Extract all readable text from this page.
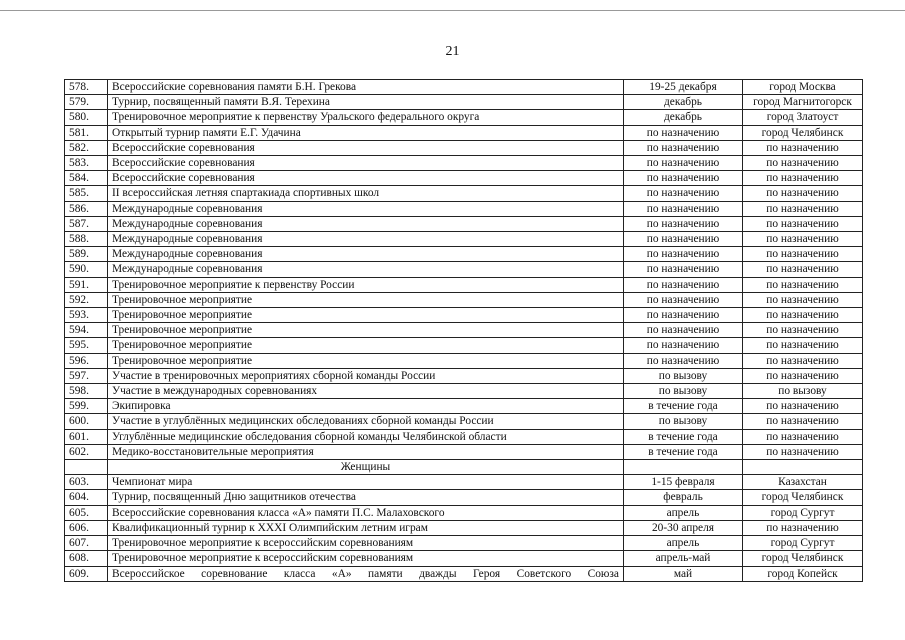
21
578.	Всероссийские соревнования памяти Б.Н. Грекова	19-25 декабря	город Москва
579.	Турнир, посвященный памяти В.Я. Терехина	декабрь	город Магнитогорск
580.	Тренировочное мероприятие к первенству Уральского федерального округа	декабрь	город Златоуст
581.	Открытый турнир памяти Е.Г. Удачина	по назначению	город Челябинск
582.	Всероссийские соревнования	по назначению	по назначению
583.	Всероссийские соревнования	по назначению	по назначению
584.	Всероссийские соревнования	по назначению	по назначению
585.	II всероссийская летняя спартакиада спортивных школ	по назначению	по назначению
586.	Международные соревнования	по назначению	по назначению
587.	Международные соревнования	по назначению	по назначению
588.	Международные соревнования	по назначению	по назначению
589.	Международные соревнования	по назначению	по назначению
590.	Международные соревнования	по назначению	по назначению
591.	Тренировочное мероприятие к первенству России	по назначению	по назначению
592.	Тренировочное мероприятие	по назначению	по назначению
593.	Тренировочное мероприятие	по назначению	по назначению
594.	Тренировочное мероприятие	по назначению	по назначению
595.	Тренировочное мероприятие	по назначению	по назначению
596.	Тренировочное мероприятие	по назначению	по назначению
597.	Участие в тренировочных мероприятиях сборной команды России	по вызову	по назначению
598.	Участие в международных соревнованиях	по вызову	по вызову
599.	Экипировка	в течение года	по назначению
600.	Участие в углублённых медицинских обследованиях сборной команды России	по вызову	по назначению
601.	Углублённые медицинские обследования сборной команды Челябинской области	в течение года	по назначению
602.	Медико-восстановительные мероприятия	в течение года	по назначению
	Женщины		
603.	Чемпионат мира	1-15 февраля	Казахстан
604.	Турнир, посвященный Дню защитников отечества	февраль	город Челябинск
605.	Всероссийские соревнования класса «А» памяти П.С. Малаховского	апрель	город Сургут
606.	Квалификационный турнир к XXXI Олимпийским летним играм	20-30 апреля	по назначению
607.	Тренировочное мероприятие к всероссийским соревнованиям	апрель	город Сургут
608.	Тренировочное мероприятие к всероссийским соревнованиям	апрель-май	город Челябинск
609.	Всероссийское соревнование класса «А» памяти дважды Героя Советского Союза	май	город Копейск
